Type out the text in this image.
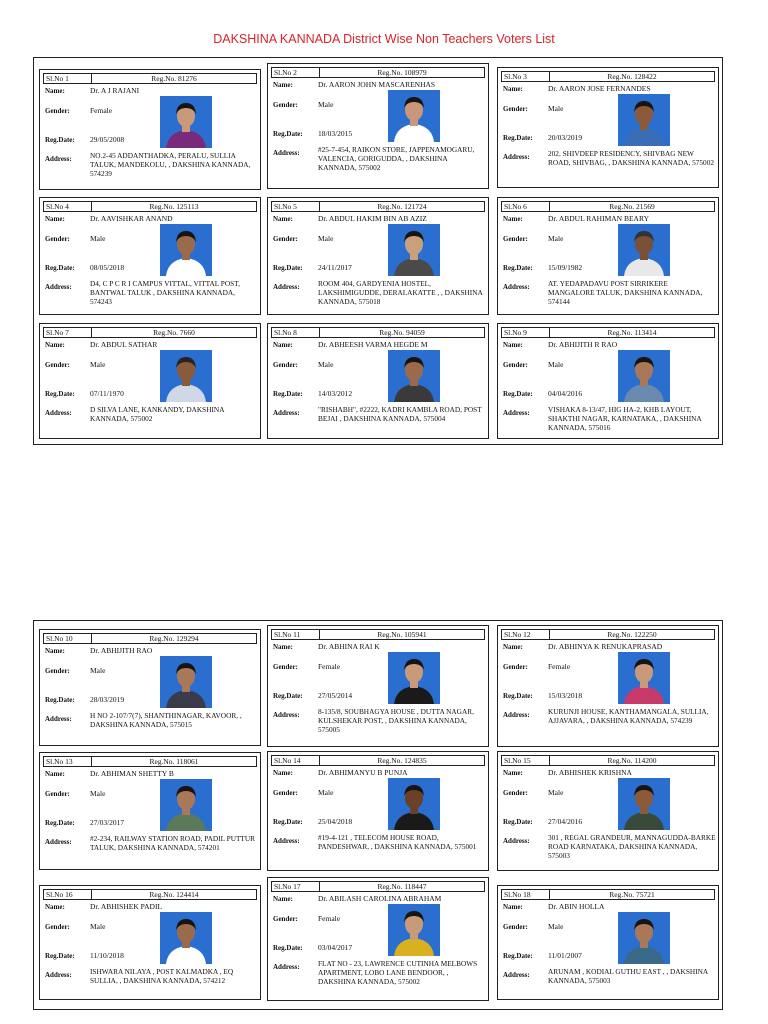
DAKSHINA KANNADA District Wise Non Teachers Voters List
Sl.No 1	Reg.No. 81276
Name:	Dr. A J RAJANI
Gender:	Female
Reg.Date: 29/05/2008
Address:	NO.2-45 ADDANTHADKA, PERALU, SULLIA TALUK, MANDEKOLU, , DAKSHINA KANNADA, 574239
Sl.No 2	Reg.No. 108979
Name:	Dr. AARON JOHN MASCARENHAS
Gender:	Male
Reg.Date: 18/03/2015
Address:	#25-7-454, RAIKON STORE, JAPPENAMOGARU, VALENCIA, GORIGUDDA, , DAKSHINA KANNADA, 575002
Sl.No 3	Reg.No. 128422
Name:	Dr. AARON JOSE FERNANDES
Gender:	Male
Reg.Date: 20/03/2019
Address:	202, SHIVDEEP RESIDENCY, SHIVBAG NEW ROAD, SHIVBAG, , DAKSHINA KANNADA, 575002
Sl.No 4	Reg.No. 125113
Name:	Dr. AAVISHKAR ANAND
Gender:	Male
Reg.Date: 08/05/2018
Address:	D4, C P C R I CAMPUS VITTAL, VITTAL POST, BANTWAL TALUK , DAKSHINA KANNADA, 574243
Sl.No 5	Reg.No. 121724
Name:	Dr. ABDUL HAKIM BIN AB AZIZ
Gender:	Male
Reg.Date: 24/11/2017
Address:	ROOM 404, GARDYENIA HOSTEL, LAKSHIMIGUDDE, DERALAKATTE , , DAKSHINA KANNADA, 575018
Sl.No 6	Reg.No. 21569
Name:	Dr. ABDUL RAHIMAN BEARY
Gender:	Male
Reg.Date: 15/09/1982
Address:	AT. YEDAPADAVU POST SIRRIKERE MANGALORE TALUK, DAKSHINA KANNADA, 574144
Sl.No 7	Reg.No. 7660
Name:	Dr. ABDUL SATHAR
Gender:	Male
Reg.Date: 07/11/1970
Address:	D SILVA LANE, KANKANDY, DAKSHINA KANNADA, 575002
Sl.No 8	Reg.No. 94059
Name:	Dr. ABHEESH VARMA HEGDE M
Gender:	Male
Reg.Date: 14/03/2012
Address:	"RISHABH", #2222, KADRI KAMBLA ROAD, POST BEJAI , DAKSHINA KANNADA, 575004
Sl.No 9	Reg.No. 113414
Name:	Dr. ABHIJITH R RAO
Gender:	Male
Reg.Date: 04/04/2016
Address:	VISHAKA 8-13/47, HIG HA-2, KHB LAYOUT, SHAKTHI NAGAR, KARNATAKA, , DAKSHINA KANNADA, 575016
Sl.No 10	Reg.No. 129294
Name:	Dr. ABHIJITH RAO
Gender:	Male
Reg.Date: 28/03/2019
Address:	H NO 2-107/7(7), SHANTHINAGAR, KAVOOR, , DAKSHINA KANNADA, 575015
Sl.No 11	Reg.No. 105941
Name:	Dr. ABHINA RAI K
Gender:	Female
Reg.Date: 27/05/2014
Address:	8-135/8, SOUBHAGYA HOUSE , DUTTA NAGAR, KULSHEKAR POST, , DAKSHINA KANNADA, 575005
Sl.No 12	Reg.No. 122250
Name:	Dr. ABHINYA K RENUKAPRASAD
Gender:	Female
Reg.Date: 15/03/2018
Address:	KURUNJI HOUSE, KANTHAMANGALA, SULLIA, AJJAVARA, , DAKSHINA KANNADA, 574239
Sl.No 13	Reg.No. 118061
Name:	Dr. ABHIMAN SHETTY B
Gender:	Male
Reg.Date: 27/03/2017
Address:	#2-234, RAILWAY STATION ROAD, PADIL PUTTUR TALUK, DAKSHINA KANNADA, 574201
Sl.No 14	Reg.No. 124835
Name:	Dr. ABHIMANYU B PUNJA
Gender:	Male
Reg.Date: 25/04/2018
Address:	#19-4-121 , TELECOM HOUSE ROAD, PANDESHWAR, , DAKSHINA KANNADA, 575001
Sl.No 15	Reg.No. 114200
Name:	Dr. ABHISHEK KRISHNA
Gender:	Male
Reg.Date: 27/04/2016
Address:	301 , REGAL GRANDEUR, MANNAGUDDA-BARKE ROAD KARNATAKA, DAKSHINA KANNADA, 575003
Sl.No 16	Reg.No. 124414
Name:	Dr. ABHISHEK PADIL
Gender:	Male
Reg.Date: 11/10/2018
Address:	ISHWARA NILAYA , POST KALMADKA , EQ SULLIA, , DAKSHINA KANNADA, 574212
Sl.No 17	Reg.No. 118447
Name:	Dr. ABILASH CAROLINA ABRAHAM
Gender:	Female
Reg.Date: 03/04/2017
Address:	FLAT NO - 23, LAWRENCE CUTINHA MELBOWS APARTMENT, LOBO LANE BENDOOR, , DAKSHINA KANNADA, 575002
Sl.No 18	Reg.No. 75721
Name:	Dr. ABIN HOLLA
Gender:	Male
Reg.Date: 11/01/2007
Address:	ARUNAM , KODIAL GUTHU EAST , , DAKSHINA KANNADA, 575003
